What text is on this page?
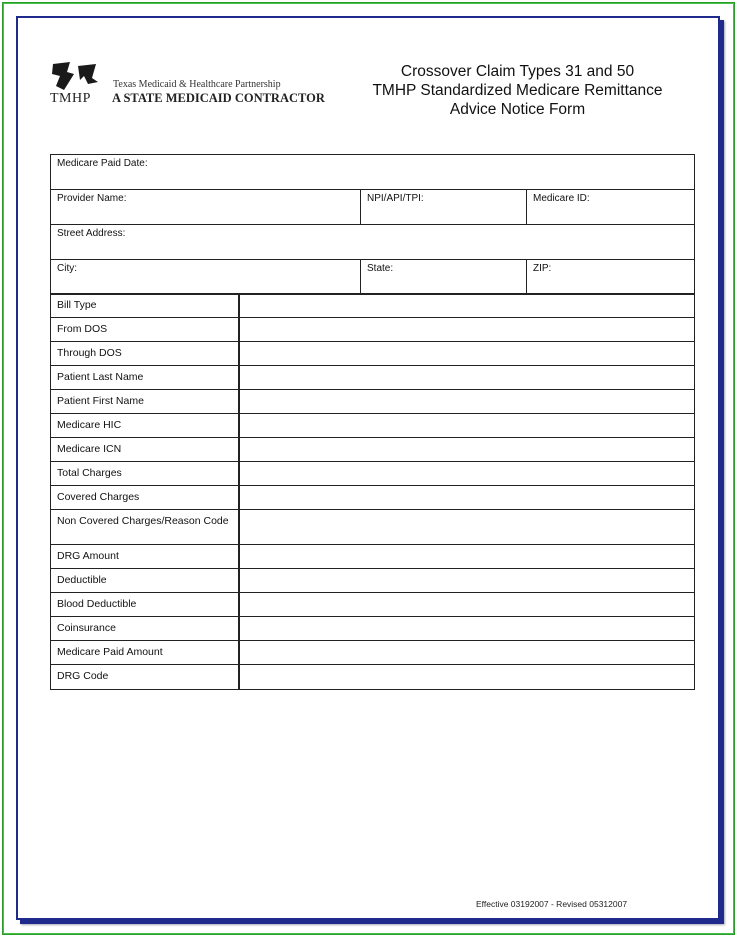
TMHP
Texas Medicaid & Healthcare Partnership
A STATE MEDICAID CONTRACTOR
Crossover Claim Types 31 and 50
TMHP Standardized Medicare Remittance
Advice Notice Form
Medicare Paid Date:
Provider Name:	NPI/API/TPI:	Medicare ID:
Street Address:
City:	State:	ZIP:
Bill Type
From DOS
Through DOS
Patient Last Name
Patient First Name
Medicare HIC
Medicare ICN
Total Charges
Covered Charges
Non Covered Charges/Reason Code
DRG Amount
Deductible
Blood Deductible
Coinsurance
Medicare Paid Amount
DRG Code
Effective 03192007 - Revised 05312007
